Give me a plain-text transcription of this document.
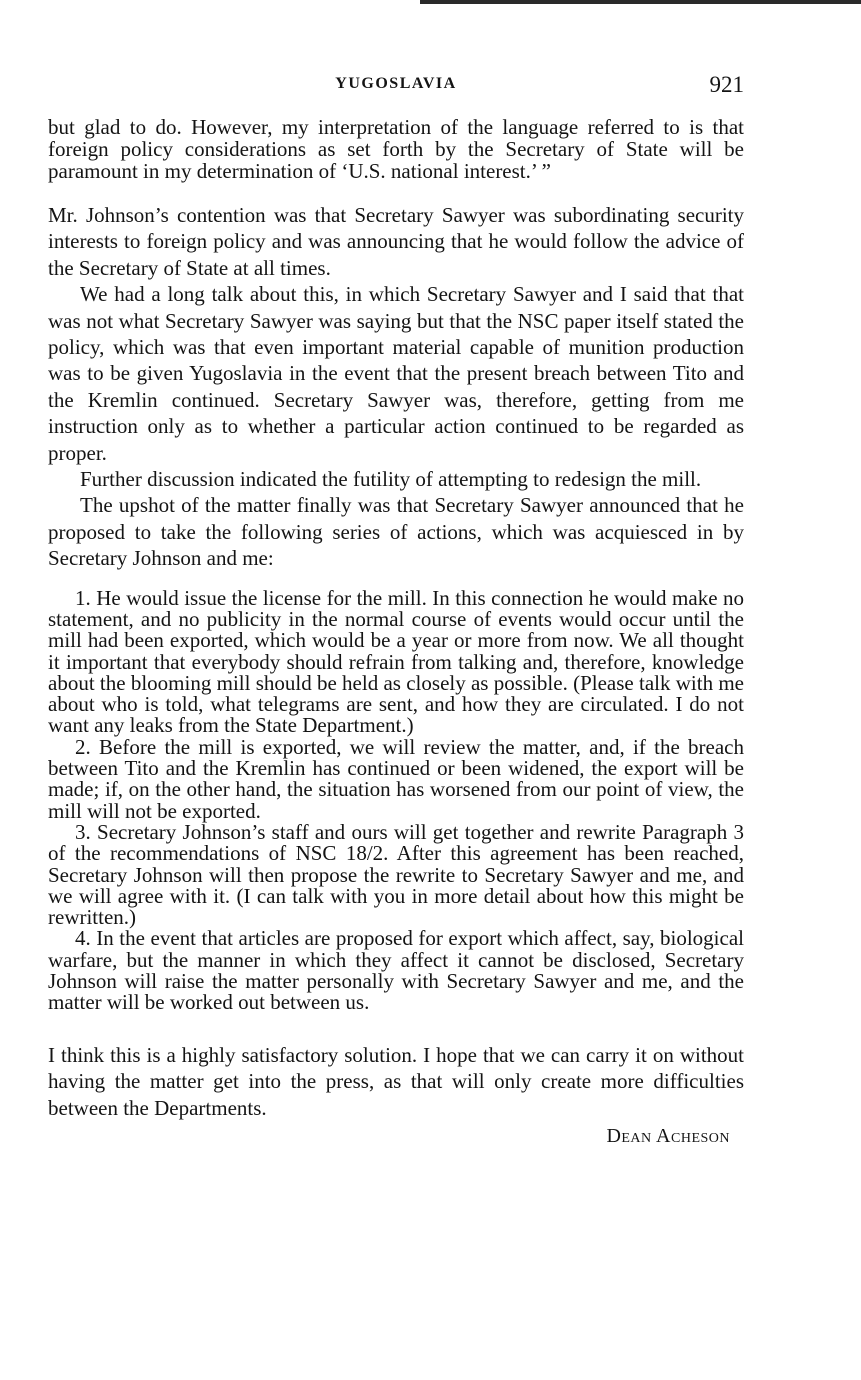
YUGOSLAVIA	921

but glad to do. However, my interpretation of the language referred to is that foreign policy considerations as set forth by the Secretary of State will be paramount in my determination of ‘U.S. national interest.’ ”

Mr. Johnson’s contention was that Secretary Sawyer was subordinating security interests to foreign policy and was announcing that he would follow the advice of the Secretary of State at all times.

We had a long talk about this, in which Secretary Sawyer and I said that that was not what Secretary Sawyer was saying but that the NSC paper itself stated the policy, which was that even important material capable of munition production was to be given Yugoslavia in the event that the present breach between Tito and the Kremlin continued. Secretary Sawyer was, therefore, getting from me instruction only as to whether a particular action continued to be regarded as proper.

Further discussion indicated the futility of attempting to redesign the mill.

The upshot of the matter finally was that Secretary Sawyer announced that he proposed to take the following series of actions, which was acquiesced in by Secretary Johnson and me:

1. He would issue the license for the mill. In this connection he would make no statement, and no publicity in the normal course of events would occur until the mill had been exported, which would be a year or more from now. We all thought it important that everybody should refrain from talking and, therefore, knowledge about the blooming mill should be held as closely as possible. (Please talk with me about who is told, what telegrams are sent, and how they are circulated. I do not want any leaks from the State Department.)

2. Before the mill is exported, we will review the matter, and, if the breach between Tito and the Kremlin has continued or been widened, the export will be made; if, on the other hand, the situation has worsened from our point of view, the mill will not be exported.

3. Secretary Johnson’s staff and ours will get together and rewrite Paragraph 3 of the recommendations of NSC 18/2. After this agreement has been reached, Secretary Johnson will then propose the rewrite to Secretary Sawyer and me, and we will agree with it. (I can talk with you in more detail about how this might be rewritten.)

4. In the event that articles are proposed for export which affect, say, biological warfare, but the manner in which they affect it cannot be disclosed, Secretary Johnson will raise the matter personally with Secretary Sawyer and me, and the matter will be worked out between us.

I think this is a highly satisfactory solution. I hope that we can carry it on without having the matter get into the press, as that will only create more difficulties between the Departments.

Dean Acheson
